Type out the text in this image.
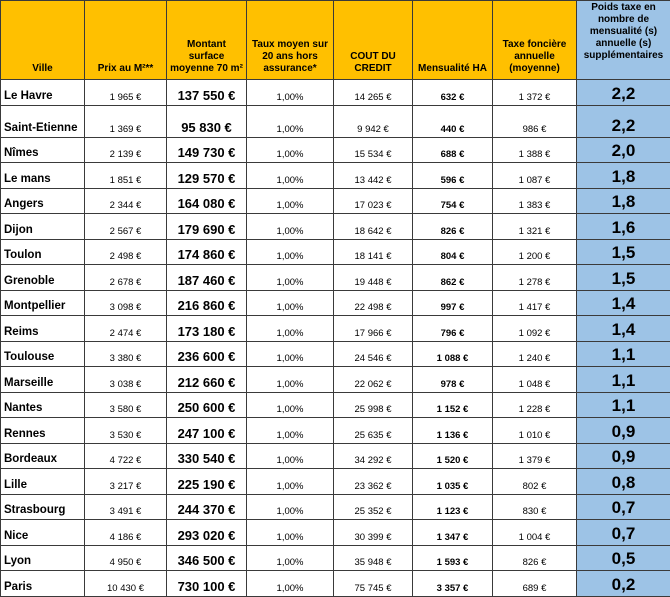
Ville	Prix au M²**	Montant surface moyenne 70 m²	Taux moyen sur 20 ans hors assurance*	COUT DU CREDIT	Mensualité HA	Taxe foncière annuelle (moyenne)	Poids taxe en nombre de mensualité (s) annuelle (s) supplémentaires
Le Havre	1 965 €	137 550 €	1,00%	14 265 €	632 €	1 372 €	2,2
Saint-Etienne	1 369 €	95 830 €	1,00%	9 942 €	440 €	986 €	2,2
Nîmes	2 139 €	149 730 €	1,00%	15 534 €	688 €	1 388 €	2,0
Le mans	1 851 €	129 570 €	1,00%	13 442 €	596 €	1 087 €	1,8
Angers	2 344 €	164 080 €	1,00%	17 023 €	754 €	1 383 €	1,8
Dijon	2 567 €	179 690 €	1,00%	18 642 €	826 €	1 321 €	1,6
Toulon	2 498 €	174 860 €	1,00%	18 141 €	804 €	1 200 €	1,5
Grenoble	2 678 €	187 460 €	1,00%	19 448 €	862 €	1 278 €	1,5
Montpellier	3 098 €	216 860 €	1,00%	22 498 €	997 €	1 417 €	1,4
Reims	2 474 €	173 180 €	1,00%	17 966 €	796 €	1 092 €	1,4
Toulouse	3 380 €	236 600 €	1,00%	24 546 €	1 088 €	1 240 €	1,1
Marseille	3 038 €	212 660 €	1,00%	22 062 €	978 €	1 048 €	1,1
Nantes	3 580 €	250 600 €	1,00%	25 998 €	1 152 €	1 228 €	1,1
Rennes	3 530 €	247 100 €	1,00%	25 635 €	1 136 €	1 010 €	0,9
Bordeaux	4 722 €	330 540 €	1,00%	34 292 €	1 520 €	1 379 €	0,9
Lille	3 217 €	225 190 €	1,00%	23 362 €	1 035 €	802 €	0,8
Strasbourg	3 491 €	244 370 €	1,00%	25 352 €	1 123 €	830 €	0,7
Nice	4 186 €	293 020 €	1,00%	30 399 €	1 347 €	1 004 €	0,7
Lyon	4 950 €	346 500 €	1,00%	35 948 €	1 593 €	826 €	0,5
Paris	10 430 €	730 100 €	1,00%	75 745 €	3 357 €	689 €	0,2
